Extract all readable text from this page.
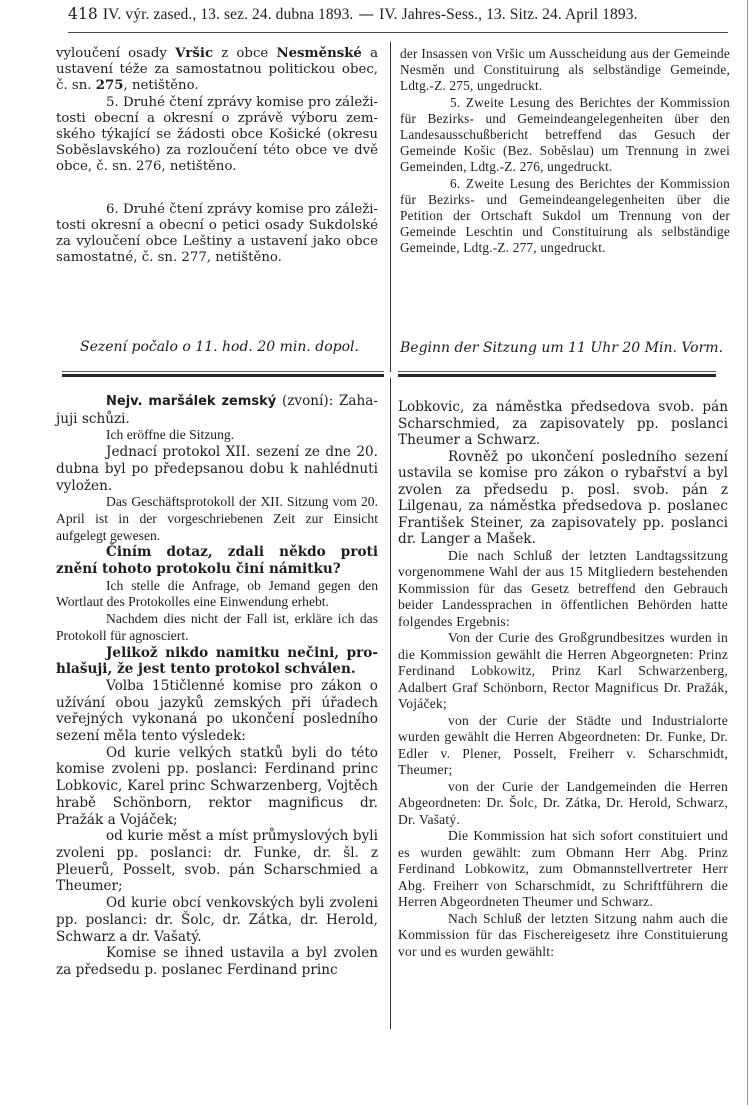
418 IV. výr. zased., 13. sez. 24. dubna 1893. — IV. Jahres-Sess., 13. Sitz. 24. April 1893.

vyloučení osady Vršic z obce Nesměnské a ustavení téže za samostatnou politickou obec, č. sn. 275, netištěno.

5. Druhé čtení zprávy komise pro záležitosti obecní a okresní o zprávě výboru zemského týkající se žádosti obce Košické (okresu Soběslavského) za rozloučení této obce ve dvě obce, č. sn. 276, netištěno.

6. Druhé čtení zprávy komise pro záležitosti okresní a obecní o petici osady Sukdolské za vyloučení obce Leštiny a ustavení jako obce samostatné, č. sn. 277, netištěno.

der Insassen von Vršic um Ausscheidung aus der Gemeinde Nesměn und Constituirung als selbständige Gemeinde, Ldtg.-Z. 275, ungedruckt.

5. Zweite Lesung des Berichtes der Kommission für Bezirks- und Gemeindeangelegenheiten über den Landesausschußbericht betreffend das Gesuch der Gemeinde Košic (Bez. Soběslau) um Trennung in zwei Gemeinden, Ldtg.-Z. 276, ungedruckt.

6. Zweite Lesung des Berichtes der Kommission für Bezirks- und Gemeindeangelegenheiten über die Petition der Ortschaft Sukdol um Trennung von der Gemeinde Leschtin und Constituirung als selbständige Gemeinde, Ldtg.-Z. 277, ungedruckt.

Sezení počalo o 11. hod. 20 min. dopol.	Beginn der Sitzung um 11 Uhr 20 Min. Vorm.

Nejv. maršálek zemský (zvoní): Zahajuji schůzi.

Ich eröffne die Sitzung.

Jednací protokol XII. sezení ze dne 20. dubna byl po předepsanou dobu k nahlédnuti vyložen.

Das Geschäftsprotokoll der XII. Sitzung vom 20. April ist in der vorgeschriebenen Zeit zur Einsicht aufgelegt gewesen.

Činím dotaz, zdali někdo proti znění tohoto protokolu činí námitku?

Ich stelle die Anfrage, ob Jemand gegen den Wortlaut des Protokolles eine Einwendung erhebt.

Nachdem dies nicht der Fall ist, erkläre ich das Protokoll für agnosciert.

Jelikož nikdo namitku nečini, prohlašuji, že jest tento protokol schválen.

Volba 15tičlenné komise pro zákon o užívání obou jazyků zemských při úřadech veřejných vykonaná po ukončení posledního sezení měla tento výsledek:

Od kurie velkých statků byli do této komise zvoleni pp. poslanci: Ferdinand princ Lobkovic, Karel princ Schwarzenberg, Vojtěch hrabě Schönborn, rektor magnificus dr. Pražák a Vojáček;

od kurie měst a míst průmyslových byli zvoleni pp. poslanci: dr. Funke, dr. šl. z Pleuerů, Posselt, svob. pán Scharschmied a Theumer;

Od kurie obcí venkovských byli zvoleni pp. poslanci: dr. Šolc, dr. Zátka, dr. Herold, Schwarz a dr. Vašatý.

Komise se ihned ustavila a byl zvolen za předsedu p. poslanec Ferdinand princ

Lobkovic, za náměstka předsedova svob. pán Scharschmied, za zapisovately pp. poslanci Theumer a Schwarz.

Rovněž po ukončení posledního sezení ustavila se komise pro zákon o rybařství a byl zvolen za předsedu p. posl. svob. pán z Lilgenau, za náměstka předsedova p. poslanec František Steiner, za zapisovately pp. poslanci dr. Langer a Mašek.

Die nach Schluß der letzten Landtagssitzung vorgenommene Wahl der aus 15 Mitgliedern bestehenden Kommission für das Gesetz betreffend den Gebrauch beider Landessprachen in öffentlichen Behörden hatte folgendes Ergebnis:

Von der Curie des Großgrundbesitzes wurden in die Kommission gewählt die Herren Abgeorgneten: Prinz Ferdinand Lobkowitz, Prinz Karl Schwarzenberg, Adalbert Graf Schönborn, Rector Magnificus Dr. Pražák, Vojáček;

von der Curie der Städte und Industrialorte wurden gewählt die Herren Abgeordneten: Dr. Funke, Dr. Edler v. Plener, Posselt, Freiherr v. Scharschmidt, Theumer;

von der Curie der Landgemeinden die Herren Abgeordneten: Dr. Šolc, Dr. Zátka, Dr. Herold, Schwarz, Dr. Vašatý.

Die Kommission hat sich sofort constituiert und es wurden gewählt: zum Obmann Herr Abg. Prinz Ferdinand Lobkowitz, zum Obmannstellvertreter Herr Abg. Freiherr von Scharschmidt, zu Schriftführern die Herren Abgeordneten Theumer und Schwarz.

Nach Schluß der letzten Sitzung nahm auch die Kommission für das Fischereigesetz ihre Constituierung vor und es wurden gewählt:
